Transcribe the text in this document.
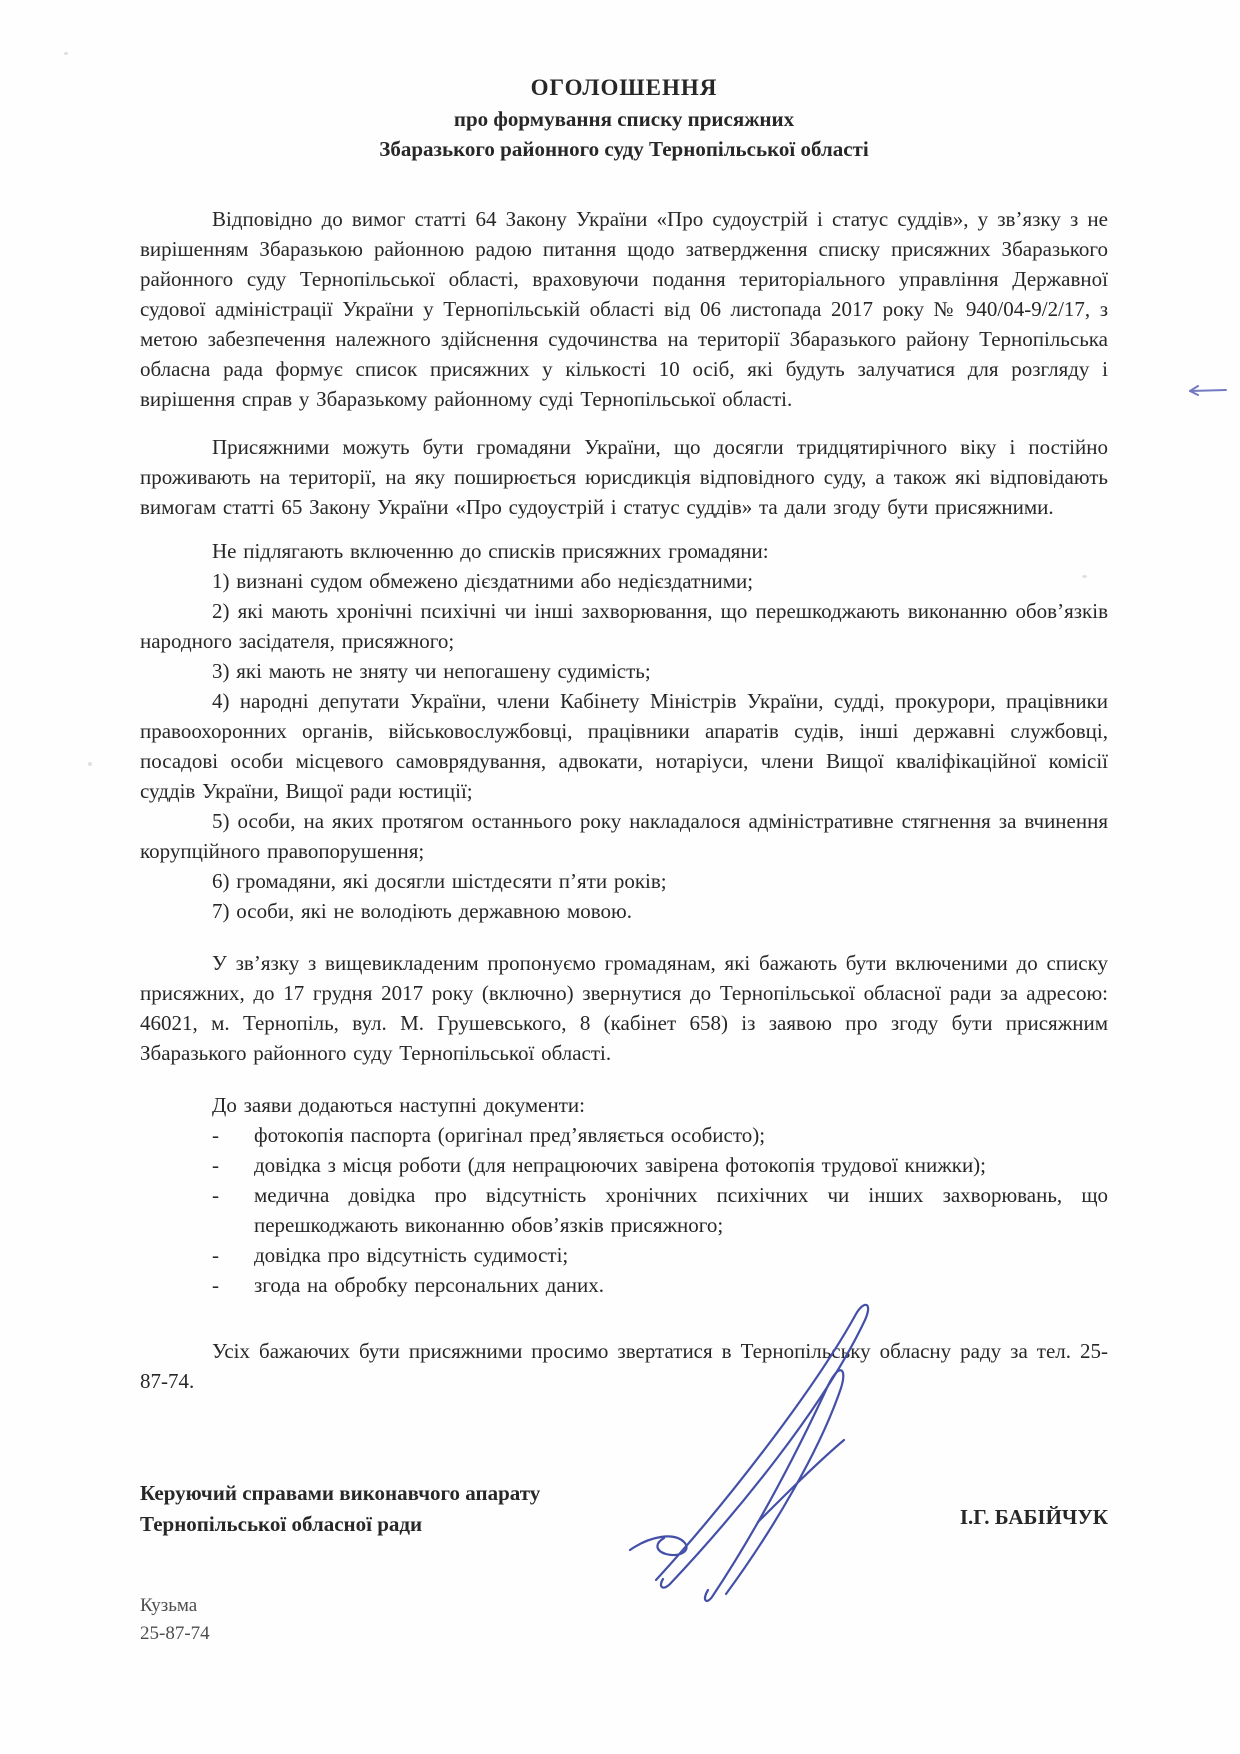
ОГОЛОШЕННЯ
про формування списку присяжних
Збаразького районного суду Тернопільської області

Відповідно до вимог статті 64 Закону України «Про судоустрій і статус суддів», у зв’язку з не вирішенням Збаразькою районною радою питання щодо затвердження списку присяжних Збаразького районного суду Тернопільської області, враховуючи подання територіального управління Державної судової адміністрації України у Тернопільській області від 06 листопада 2017 року № 940/04-9/2/17, з метою забезпечення належного здійснення судочинства на території Збаразького району Тернопільська обласна рада формує список присяжних у кількості 10 осіб, які будуть залучатися для розгляду і вирішення справ у Збаразькому районному суді Тернопільської області.

Присяжними можуть бути громадяни України, що досягли тридцятирічного віку і постійно проживають на території, на яку поширюється юрисдикція відповідного суду, а також які відповідають вимогам статті 65 Закону України «Про судоустрій і статус суддів» та дали згоду бути присяжними.

Не підлягають включенню до списків присяжних громадяни:

1) визнані судом обмежено дієздатними або недієздатними;

2) які мають хронічні психічні чи інші захворювання, що перешкоджають виконанню обов’язків народного засідателя, присяжного;

3) які мають не зняту чи непогашену судимість;

4) народні депутати України, члени Кабінету Міністрів України, судді, прокурори, працівники правоохоронних органів, військовослужбовці, працівники апаратів судів, інші державні службовці, посадові особи місцевого самоврядування, адвокати, нотаріуси, члени Вищої кваліфікаційної комісії суддів України, Вищої ради юстиції;

5) особи, на яких протягом останнього року накладалося адміністративне стягнення за вчинення корупційного правопорушення;

6) громадяни, які досягли шістдесяти п’яти років;

7) особи, які не володіють державною мовою.

У зв’язку з вищевикладеним пропонуємо громадянам, які бажають бути включеними до списку присяжних, до 17 грудня 2017 року (включно) звернутися до Тернопільської обласної ради за адресою: 46021, м. Тернопіль, вул. М. Грушевського, 8 (кабінет 658) із заявою про згоду бути присяжним Збаразького районного суду Тернопільської області.

До заяви додаються наступні документи:

-
фотокопія паспорта (оригінал пред’являється особисто);
-
довідка з місця роботи (для непрацюючих завірена фотокопія трудової книжки);
-
медична довідка про відсутність хронічних психічних чи інших захворювань, що перешкоджають виконанню обов’язків присяжного;
-
довідка про відсутність судимості;
-
згода на обробку персональних даних.

Усіх бажаючих бути присяжними просимо звертатися в Тернопільську обласну раду за тел. 25-87-74.

Керуючий справами виконавчого апарату
Тернопільської обласної ради	І.Г. БАБІЙЧУК
Кузьма
25-87-74
